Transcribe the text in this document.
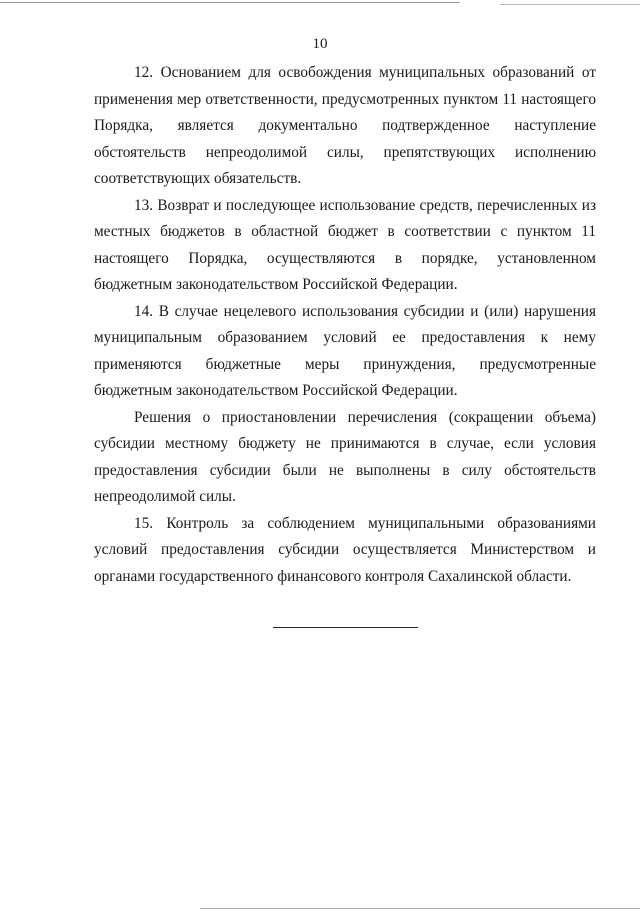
10

12. Основанием для освобождения муниципальных образований от применения мер ответственности, предусмотренных пунктом 11 настоящего Порядка, является документально подтвержденное наступление обстоятельств непреодолимой силы, препятствующих исполнению соответствующих обязательств.

13. Возврат и последующее использование средств, перечисленных из местных бюджетов в областной бюджет в соответствии с пунктом 11 настоящего Порядка, осуществляются в порядке, установленном бюджетным законодательством Российской Федерации.

14. В случае нецелевого использования субсидии и (или) нарушения муниципальным образованием условий ее предоставления к нему применяются бюджетные меры принуждения, предусмотренные бюджетным законодательством Российской Федерации.

Решения о приостановлении перечисления (сокращении объема) субсидии местному бюджету не принимаются в случае, если условия предоставления субсидии были не выполнены в силу обстоятельств непреодолимой силы.

15. Контроль за соблюдением муниципальными образованиями условий предоставления субсидии осуществляется Министерством и органами государственного финансового контроля Сахалинской области.
